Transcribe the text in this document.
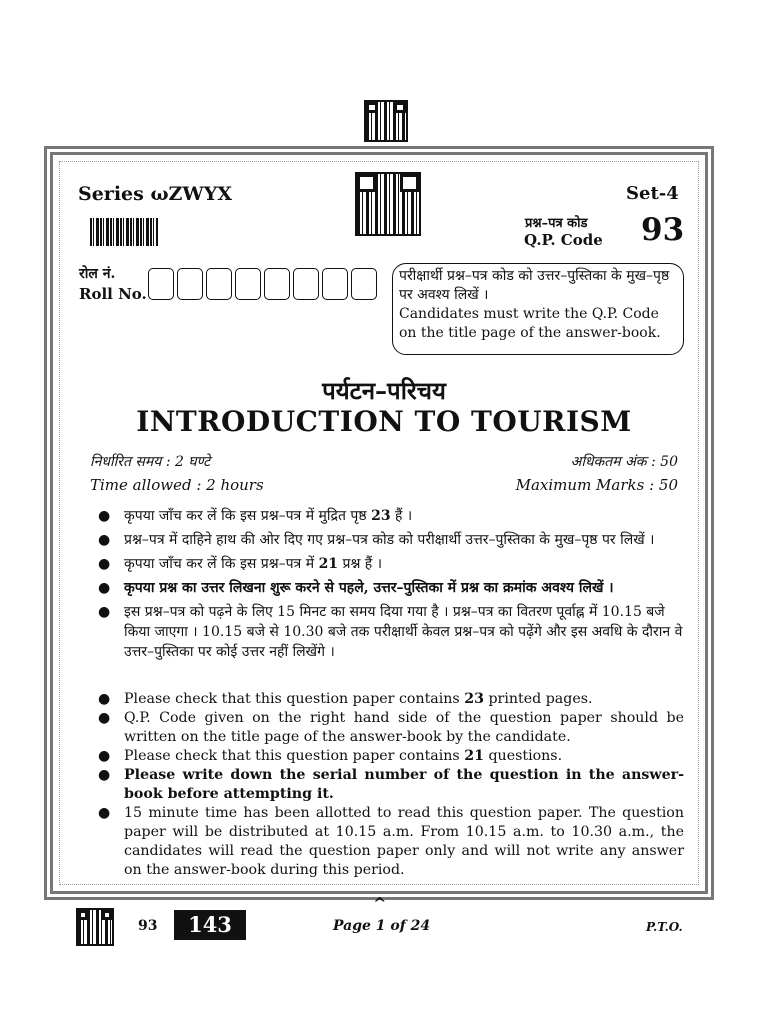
Series ωZWYX	Set-4
प्रश्न–पत्र कोड
Q.P. Code 93
रोल नं.
Roll No.
परीक्षार्थी प्रश्न–पत्र कोड को उत्तर–पुस्तिका के मुख–पृष्ठ पर अवश्य लिखें ।
Candidates must write the Q.P. Code on the title page of the answer-book.
पर्यटन–परिचय
INTRODUCTION TO TOURISM
निर्धारित समय : 2 घण्टे
Time allowed : 2 hours
अधिकतम अंक : 50
Maximum Marks : 50
● कृपया जाँच कर लें कि इस प्रश्न–पत्र में मुद्रित पृष्ठ 23 हैं ।
● प्रश्न–पत्र में दाहिने हाथ की ओर दिए गए प्रश्न–पत्र कोड को परीक्षार्थी उत्तर–पुस्तिका के मुख–पृष्ठ पर लिखें ।
● कृपया जाँच कर लें कि इस प्रश्न–पत्र में 21 प्रश्न हैं ।
● कृपया प्रश्न का उत्तर लिखना शुरू करने से पहले, उत्तर–पुस्तिका में प्रश्न का क्रमांक अवश्य लिखें ।
● इस प्रश्न–पत्र को पढ़ने के लिए 15 मिनट का समय दिया गया है । प्रश्न–पत्र का वितरण पूर्वाह्न में 10.15 बजे किया जाएगा । 10.15 बजे से 10.30 बजे तक परीक्षार्थी केवल प्रश्न–पत्र को पढ़ेंगे और इस अवधि के दौरान वे उत्तर–पुस्तिका पर कोई उत्तर नहीं लिखेंगे ।
● Please check that this question paper contains 23 printed pages.
● Q.P. Code given on the right hand side of the question paper should be written on the title page of the answer-book by the candidate.
● Please check that this question paper contains 21 questions.
● Please write down the serial number of the question in the answer-book before attempting it.
● 15 minute time has been allotted to read this question paper. The question paper will be distributed at 10.15 a.m. From 10.15 a.m. to 10.30 a.m., the candidates will read the question paper only and will not write any answer on the answer-book during this period.
^
93	143	Page 1 of 24	P.T.O.
